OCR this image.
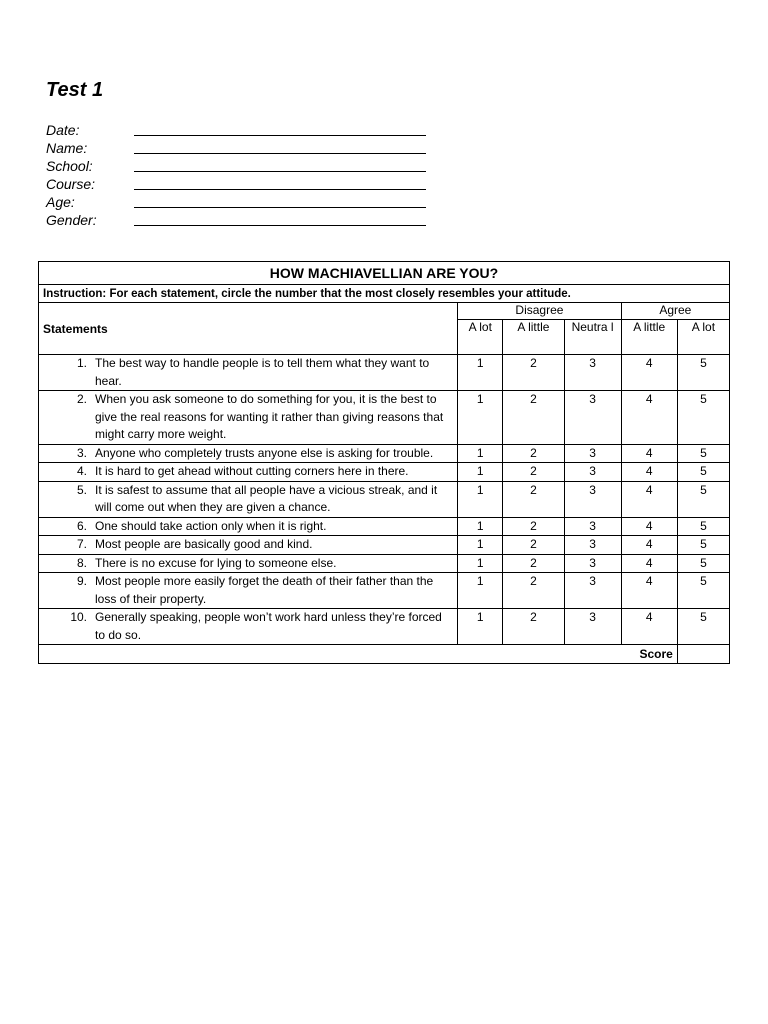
Test 1
Date:
Name:
School:
Course:
Age:
Gender:
HOW MACHIAVELLIAN ARE YOU?					
Instruction: For each statement, circle the number that the most closely resembles your attitude.					
Statements	Disagree			Agree	
	A lot	A little	Neutra l	A little	A lot

1. The best way to handle people is to tell them what they want to hear.	1	2	3	4	5

2. When you ask someone to do something for you, it is the best to give the real reasons for wanting it rather than giving reasons that might carry more weight.	1	2	3	4	5

3. Anyone who completely trusts anyone else is asking for trouble.	1	2	3	4	5

4. It is hard to get ahead without cutting corners here in there.	1	2	3	4	5

5. It is safest to assume that all people have a vicious streak, and it will come out when they are given a chance.	1	2	3	4	5

6. One should take action only when it is right.	1	2	3	4	5

7. Most people are basically good and kind.	1	2	3	4	5

8. There is no excuse for lying to someone else.	1	2	3	4	5

9. Most people more easily forget the death of their father than the loss of their property.	1	2	3	4	5

10. Generally speaking, people won’t work hard unless they’re forced to do so.	1	2	3	4	5
Score					
